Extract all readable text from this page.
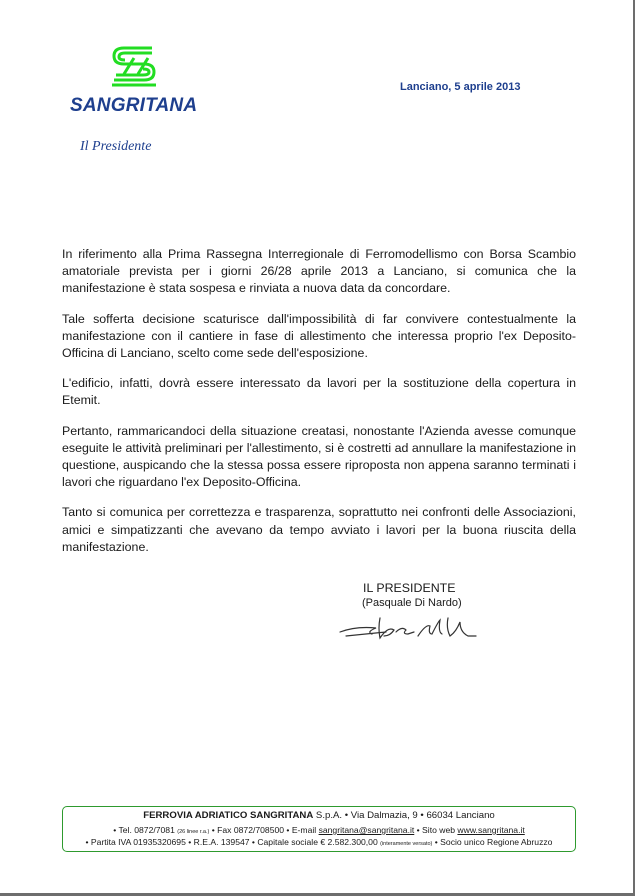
SANGRITANA
Il Presidente
Lanciano, 5 aprile 2013

In riferimento alla Prima Rassegna Interregionale di Ferromodellismo con Borsa Scambio amatoriale prevista per i giorni 26/28 aprile 2013 a Lanciano, si comunica che la manifestazione è stata sospesa e rinviata a nuova data da concordare.

Tale sofferta decisione scaturisce dall'impossibilità di far convivere contestualmente la manifestazione con il cantiere in fase di allestimento che interessa proprio l'ex Deposito-Officina di Lanciano, scelto come sede dell'esposizione.

L'edificio, infatti, dovrà essere interessato da lavori per la sostituzione della copertura in Etemit.

Pertanto, rammaricandoci della situazione creatasi, nonostante l'Azienda avesse comunque eseguite le attività preliminari per l'allestimento, si è costretti ad annullare la manifestazione in questione, auspicando che la stessa possa essere riproposta non appena saranno terminati i lavori che riguardano l'ex Deposito-Officina.

Tanto si comunica per correttezza e trasparenza, soprattutto nei confronti delle Associazioni, amici e simpatizzanti che avevano da tempo avviato i lavori per la buona riuscita della manifestazione.

IL PRESIDENTE
(Pasquale Di Nardo)
FERROVIA ADRIATICO SANGRITANA S.p.A. • Via Dalmazia, 9 • 66034 Lanciano
• Tel. 0872/7081 (26 linee r.a.) • Fax 0872/708500 • E-mail sangritana@sangritana.it • Sito web www.sangritana.it
• Partita IVA 01935320695 • R.E.A. 139547 • Capitale sociale € 2.582.300,00 (interamente versato) • Socio unico Regione Abruzzo
